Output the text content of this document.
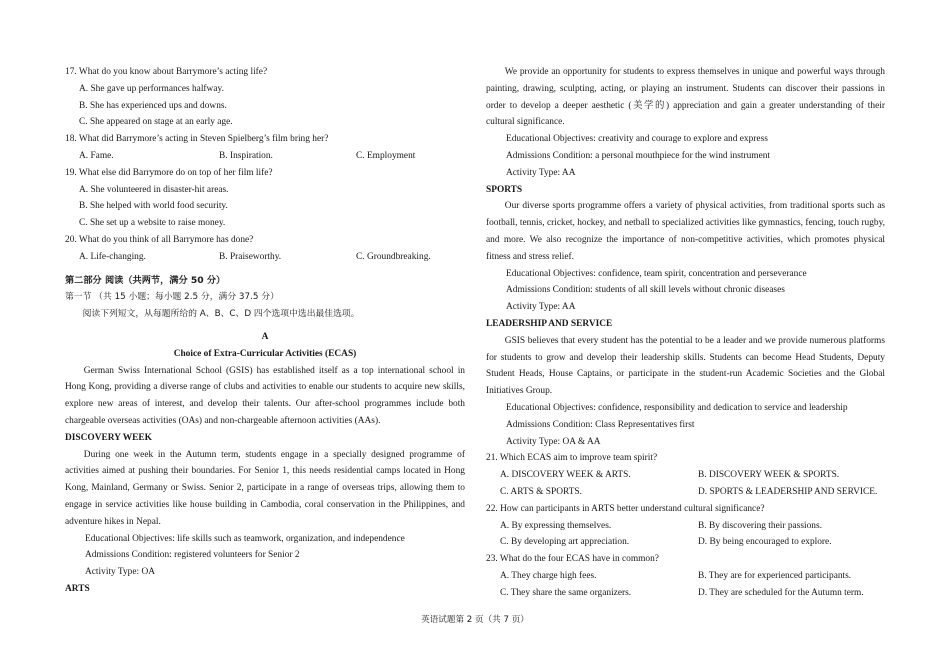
17. What do you know about Barrymore’s acting life?

A. She gave up performances halfway.

B. She has experienced ups and downs.

C. She appeared on stage at an early age.

18. What did Barrymore’s acting in Steven Spielberg’s film bring her?

A. Fame.	B. Inspiration.	C. Employment

19. What else did Barrymore do on top of her film life?

A. She volunteered in disaster-hit areas.

B. She helped with world food security.

C. She set up a website to raise money.

20. What do you think of all Barrymore has done?

A. Life-changing.	B. Praiseworthy.	C. Groundbreaking.

第二部分 阅读（共两节，满分 50 分）

第一节 （共 15 小题；每小题 2.5 分，满分 37.5 分）

阅读下列短文，从每题所给的 A、B、C、D 四个选项中选出最佳选项。

A

Choice of Extra-Curricular Activities (ECAS)

German Swiss International School (GSIS) has established itself as a top international school in Hong Kong, providing a diverse range of clubs and activities to enable our students to acquire new skills, explore new areas of interest, and develop their talents. Our after-school programmes include both chargeable overseas activities (OAs) and non-chargeable afternoon activities (AAs).

DISCOVERY WEEK

During one week in the Autumn term, students engage in a specially designed programme of activities aimed at pushing their boundaries. For Senior 1, this needs residential camps located in Hong Kong, Mainland, Germany or Swiss. Senior 2, participate in a range of overseas trips, allowing them to engage in service activities like house building in Cambodia, coral conservation in the Philippines, and adventure hikes in Nepal.

Educational Objectives: life skills such as teamwork, organization, and independence

Admissions Condition: registered volunteers for Senior 2

Activity Type: OA

ARTS

We provide an opportunity for students to express themselves in unique and powerful ways through painting, drawing, sculpting, acting, or playing an instrument. Students can discover their passions in order to develop a deeper aesthetic (美学的) appreciation and gain a greater understanding of their cultural significance.

Educational Objectives: creativity and courage to explore and express

Admissions Condition: a personal mouthpiece for the wind instrument

Activity Type: AA

SPORTS

Our diverse sports programme offers a variety of physical activities, from traditional sports such as football, tennis, cricket, hockey, and netball to specialized activities like gymnastics, fencing, touch rugby, and more. We also recognize the importance of non-competitive activities, which promotes physical fitness and stress relief.

Educational Objectives: confidence, team spirit, concentration and perseverance

Admissions Condition: students of all skill levels without chronic diseases

Activity Type: AA

LEADERSHIP AND SERVICE

GSIS believes that every student has the potential to be a leader and we provide numerous platforms for students to grow and develop their leadership skills. Students can become Head Students, Deputy Student Heads, House Captains, or participate in the student-run Academic Societies and the Global Initiatives Group.

Educational Objectives: confidence, responsibility and dedication to service and leadership

Admissions Condition: Class Representatives first

Activity Type: OA & AA

21. Which ECAS aim to improve team spirit?

A. DISCOVERY WEEK & ARTS.	B. DISCOVERY WEEK & SPORTS.
C. ARTS & SPORTS.	D. SPORTS & LEADERSHIP AND SERVICE.

22. How can participants in ARTS better understand cultural significance?

A. By expressing themselves.	B. By discovering their passions.
C. By developing art appreciation.	D. By being encouraged to explore.

23. What do the four ECAS have in common?

A. They charge high fees.	B. They are for experienced participants.
C. They share the same organizers.	D. They are scheduled for the Autumn term.
英语试题第 2 页（共 7 页）
